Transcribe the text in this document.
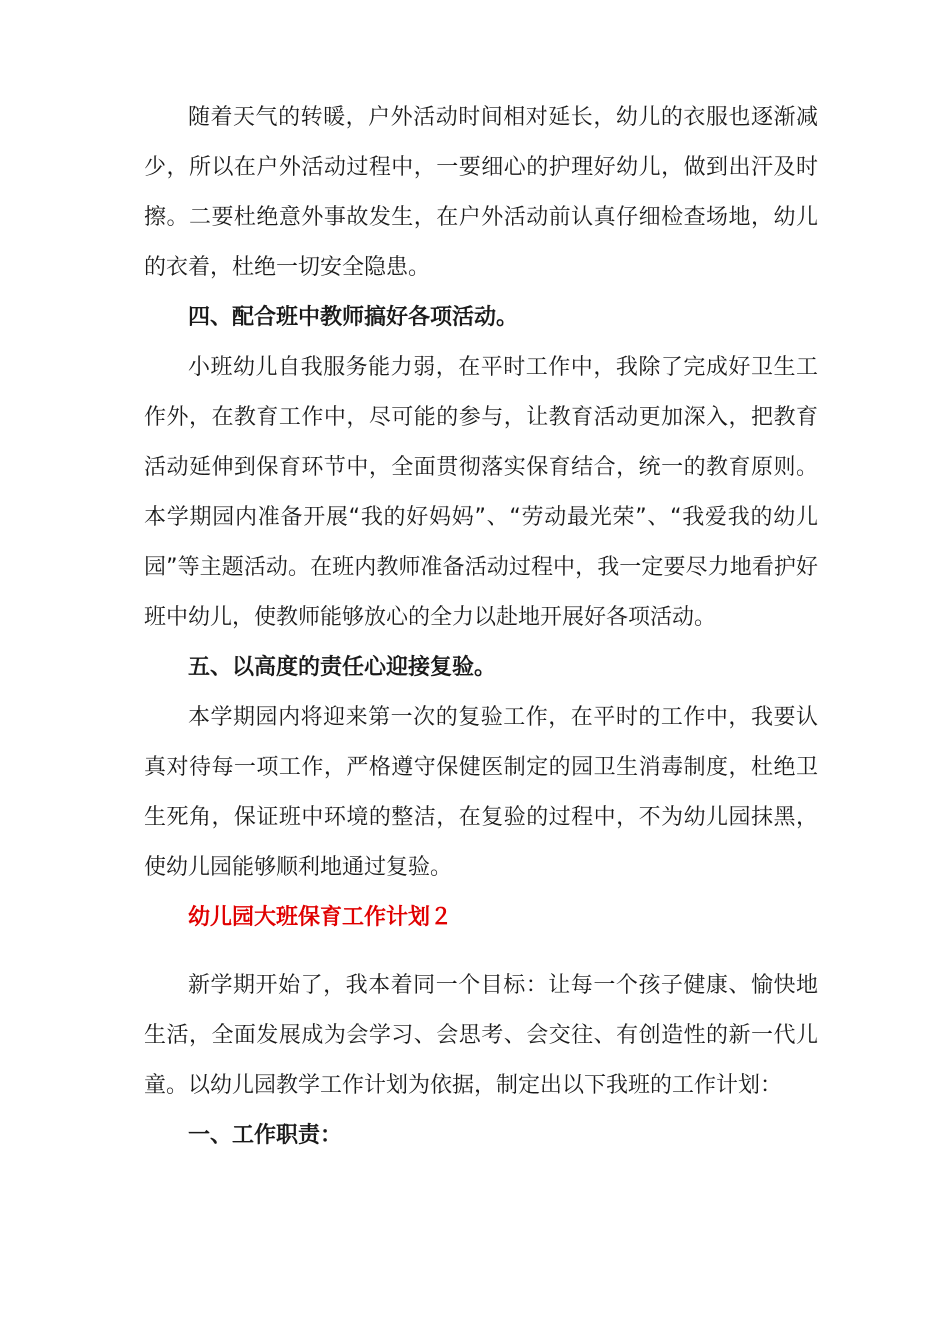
随着天气的转暖，户外活动时间相对延长，幼儿的衣服也逐渐减少，所以在户外活动过程中，一要细心的护理好幼儿，做到出汗及时擦。二要杜绝意外事故发生，在户外活动前认真仔细检查场地，幼儿的衣着，杜绝一切安全隐患。

四、配合班中教师搞好各项活动。

小班幼儿自我服务能力弱，在平时工作中，我除了完成好卫生工作外，在教育工作中，尽可能的参与，让教育活动更加深入，把教育活动延伸到保育环节中，全面贯彻落实保育结合，统一的教育原则。本学期园内准备开展“我的好妈妈”、“劳动最光荣”、“我爱我的幼儿园”等主题活动。在班内教师准备活动过程中，我一定要尽力地看护好班中幼儿，使教师能够放心的全力以赴地开展好各项活动。

五、以高度的责任心迎接复验。

本学期园内将迎来第一次的复验工作，在平时的工作中，我要认真对待每一项工作，严格遵守保健医制定的园卫生消毒制度，杜绝卫生死角，保证班中环境的整洁，在复验的过程中，不为幼儿园抹黑，使幼儿园能够顺利地通过复验。

幼儿园大班保育工作计划２

新学期开始了，我本着同一个目标：让每一个孩子健康、愉快地生活，全面发展成为会学习、会思考、会交往、有创造性的新一代儿童。以幼儿园教学工作计划为依据，制定出以下我班的工作计划：

一、工作职责：
